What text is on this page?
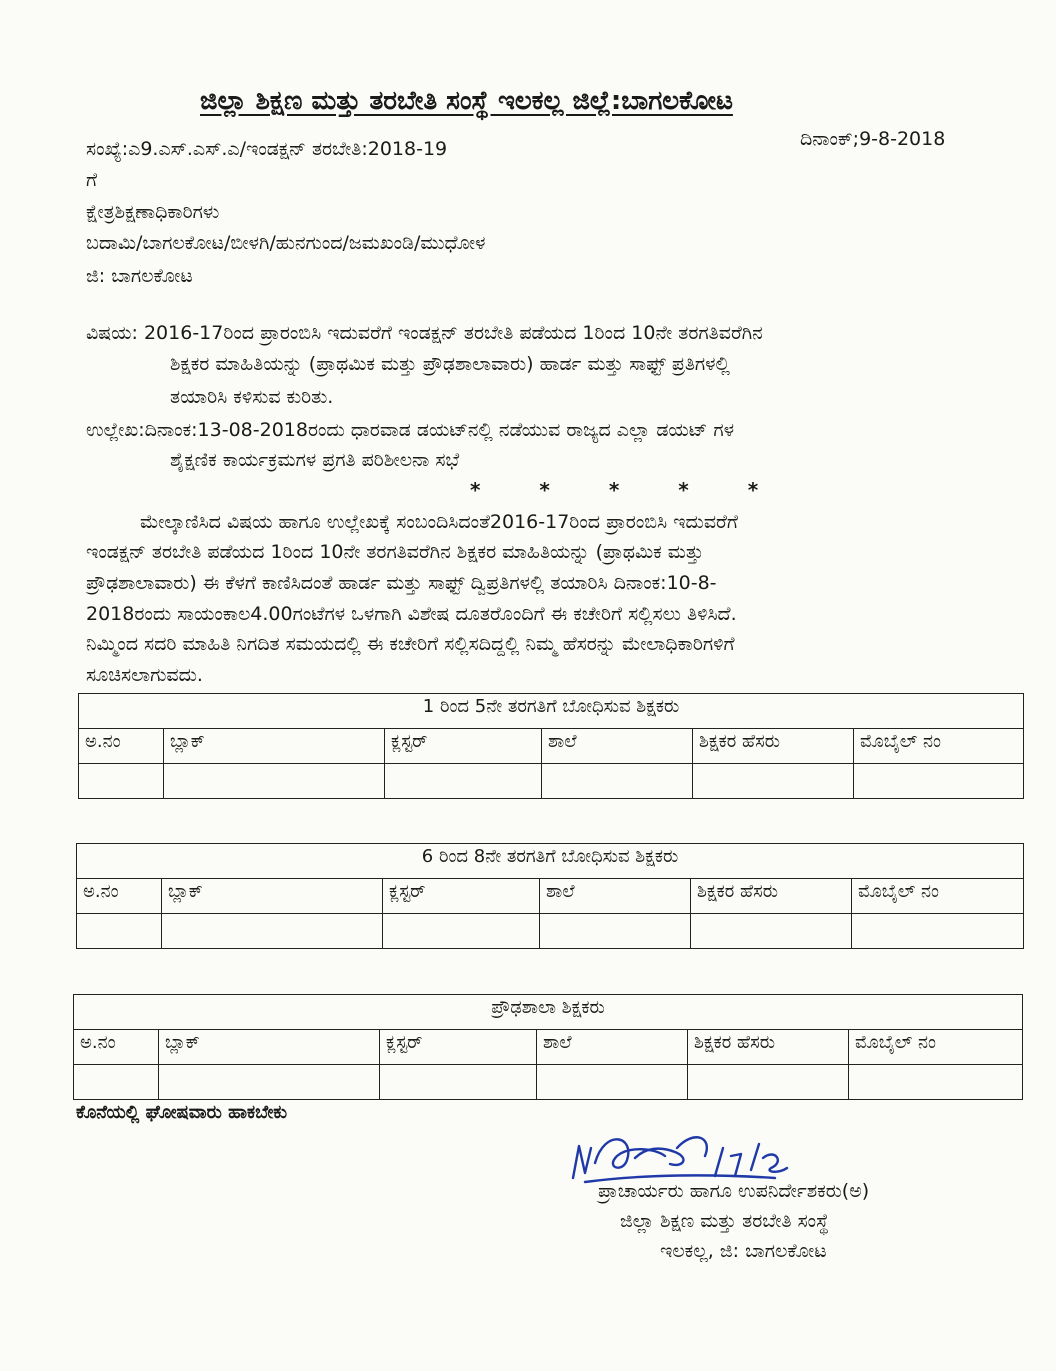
ಜಿಲ್ಲಾ ಶಿಕ್ಷಣ ಮತ್ತು ತರಬೇತಿ ಸಂಸ್ಥೆ ಇಲಕಲ್ಲ ಜಿಲ್ಲೆ:ಬಾಗಲಕೋಟ
ಸಂಖ್ಯೆ:ಎ9.ಎಸ್.ಎಸ್.ಎ/ಇಂಡಕ್ಷನ್ ತರಬೇತಿ:2018-19	ದಿನಾಂಕ್;9-8-2018
ಗೆ
ಕ್ಷೇತ್ರಶಿಕ್ಷಣಾಧಿಕಾರಿಗಳು
ಬದಾಮಿ/ಬಾಗಲಕೋಟ/ಬೀಳಗಿ/ಹುನಗುಂದ/ಜಮಖಂಡಿ/ಮುಧೋಳ
ಜಿ: ಬಾಗಲಕೋಟ
ವಿಷಯ: 2016-17ರಿಂದ ಪ್ರಾರಂಬಿಸಿ ಇದುವರೆಗೆ ಇಂಡಕ್ಷನ್ ತರಬೇತಿ ಪಡೆಯದ 1ರಿಂದ 10ನೇ ತರಗತಿವರೆಗಿನ
ಶಿಕ್ಷಕರ ಮಾಹಿತಿಯನ್ನು (ಪ್ರಾಥಮಿಕ ಮತ್ತು ಪ್ರೌಢಶಾಲಾವಾರು) ಹಾರ್ಡ ಮತ್ತು ಸಾಫ್ಟ್ ಪ್ರತಿಗಳಲ್ಲಿ
ತಯಾರಿಸಿ ಕಳಿಸುವ ಕುರಿತು.
ಉಲ್ಲೇಖ:ದಿನಾಂಕ:13-08-2018ರಂದು ಧಾರವಾಡ ಡಯಟ್‌ನಲ್ಲಿ ನಡೆಯುವ ರಾಜ್ಯದ ಎಲ್ಲಾ ಡಯಟ್ ಗಳ
ಶೈಕ್ಷಣಿಕ ಕಾರ್ಯಕ್ರಮಗಳ ಪ್ರಗತಿ ಪರಿಶೀಲನಾ ಸಭೆ
* * * * *
ಮೇಲ್ಕಾಣಿಸಿದ ವಿಷಯ ಹಾಗೂ ಉಲ್ಲೇಖಕ್ಕೆ ಸಂಬಂದಿಸಿದಂತೆ2016-17ರಿಂದ ಪ್ರಾರಂಬಿಸಿ ಇದುವರೆಗೆ
ಇಂಡಕ್ಷನ್ ತರಬೇತಿ ಪಡೆಯದ 1ರಿಂದ 10ನೇ ತರಗತಿವರೆಗಿನ ಶಿಕ್ಷಕರ ಮಾಹಿತಿಯನ್ನು (ಪ್ರಾಥಮಿಕ ಮತ್ತು
ಪ್ರೌಢಶಾಲಾವಾರು) ಈ ಕೆಳಗೆ ಕಾಣಿಸಿದಂತೆ ಹಾರ್ಡ ಮತ್ತು ಸಾಫ್ಟ್ ದ್ವಿಪ್ರತಿಗಳಲ್ಲಿ ತಯಾರಿಸಿ ದಿನಾಂಕ:10-8-
2018ರಂದು ಸಾಯಂಕಾಲ4.00ಗಂಟೆಗಳ ಒಳಗಾಗಿ ವಿಶೇಷ ದೂತರೊಂದಿಗೆ ಈ ಕಚೇರಿಗೆ ಸಲ್ಲಿಸಲು ತಿಳಿಸಿದೆ.
ನಿಮ್ಮಿಂದ ಸದರಿ ಮಾಹಿತಿ ನಿಗದಿತ ಸಮಯದಲ್ಲಿ ಈ ಕಚೇರಿಗೆ ಸಲ್ಲಿಸದಿದ್ದಲ್ಲಿ ನಿಮ್ಮ ಹೆಸರನ್ನು ಮೇಲಾಧಿಕಾರಿಗಳಿಗೆ
ಸೂಚಿಸಲಾಗುವದು.
1 ರಿಂದ 5ನೇ ತರಗತಿಗೆ ಬೋಧಿಸುವ ಶಿಕ್ಷಕರು					
ಅ.ನಂ	ಬ್ಲಾಕ್	ಕ್ಲಸ್ಟರ್	ಶಾಲೆ	ಶಿಕ್ಷಕರ ಹೆಸರು	ಮೊಬೈಲ್ ನಂ

6 ರಿಂದ 8ನೇ ತರಗತಿಗೆ ಬೋಧಿಸುವ ಶಿಕ್ಷಕರು					
ಅ.ನಂ	ಬ್ಲಾಕ್	ಕ್ಲಸ್ಟರ್	ಶಾಲೆ	ಶಿಕ್ಷಕರ ಹೆಸರು	ಮೊಬೈಲ್ ನಂ

ಪ್ರೌಢಶಾಲಾ ಶಿಕ್ಷಕರು					
ಅ.ನಂ	ಬ್ಲಾಕ್	ಕ್ಲಸ್ಟರ್	ಶಾಲೆ	ಶಿಕ್ಷಕರ ಹೆಸರು	ಮೊಬೈಲ್ ನಂ

ಕೊನೆಯಲ್ಲಿ ಘೋಷವಾರು ಹಾಕಬೇಕು
ಪ್ರಾಚಾರ್ಯರು ಹಾಗೂ ಉಪನಿರ್ದೇಶಕರು(ಅ)
ಜಿಲ್ಲಾ ಶಿಕ್ಷಣ ಮತ್ತು ತರಬೇತಿ ಸಂಸ್ಥೆ
ಇಲಕಲ್ಲ, ಜಿ: ಬಾಗಲಕೋಟ
